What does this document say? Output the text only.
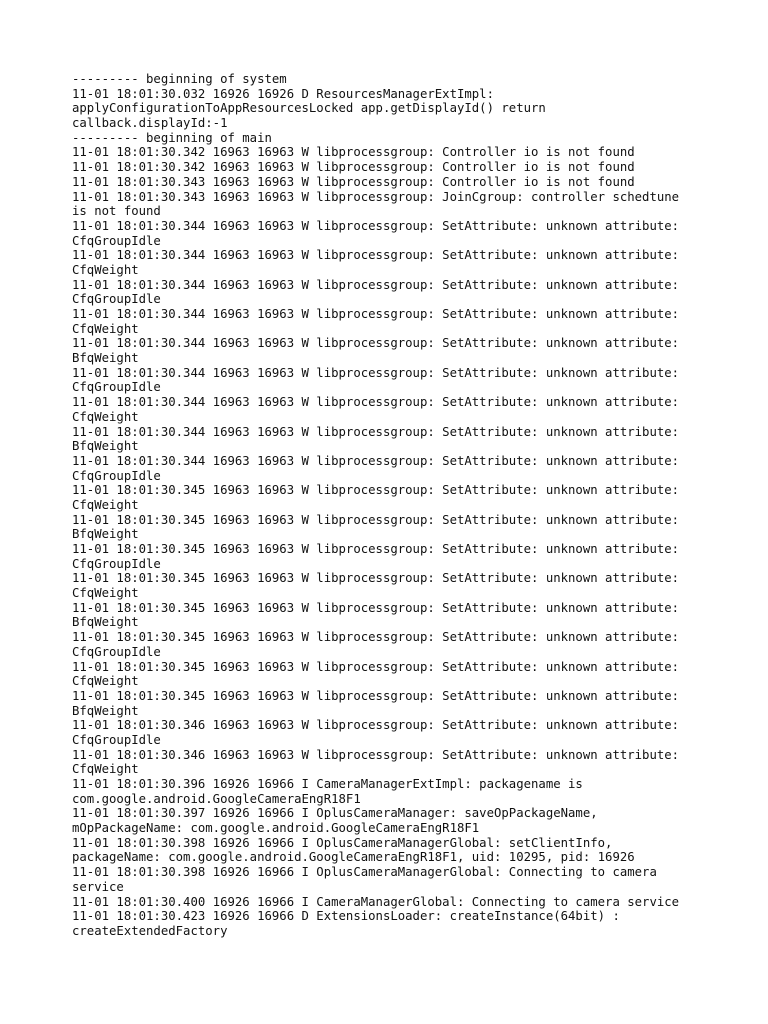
--------- beginning of system
11-01 18:01:30.032 16926 16926 D ResourcesManagerExtImpl:
applyConfigurationToAppResourcesLocked app.getDisplayId() return
callback.displayId:-1
--------- beginning of main
11-01 18:01:30.342 16963 16963 W libprocessgroup: Controller io is not found
11-01 18:01:30.342 16963 16963 W libprocessgroup: Controller io is not found
11-01 18:01:30.343 16963 16963 W libprocessgroup: Controller io is not found
11-01 18:01:30.343 16963 16963 W libprocessgroup: JoinCgroup: controller schedtune
is not found
11-01 18:01:30.344 16963 16963 W libprocessgroup: SetAttribute: unknown attribute:
CfqGroupIdle
11-01 18:01:30.344 16963 16963 W libprocessgroup: SetAttribute: unknown attribute:
CfqWeight
11-01 18:01:30.344 16963 16963 W libprocessgroup: SetAttribute: unknown attribute:
CfqGroupIdle
11-01 18:01:30.344 16963 16963 W libprocessgroup: SetAttribute: unknown attribute:
CfqWeight
11-01 18:01:30.344 16963 16963 W libprocessgroup: SetAttribute: unknown attribute:
BfqWeight
11-01 18:01:30.344 16963 16963 W libprocessgroup: SetAttribute: unknown attribute:
CfqGroupIdle
11-01 18:01:30.344 16963 16963 W libprocessgroup: SetAttribute: unknown attribute:
CfqWeight
11-01 18:01:30.344 16963 16963 W libprocessgroup: SetAttribute: unknown attribute:
BfqWeight
11-01 18:01:30.344 16963 16963 W libprocessgroup: SetAttribute: unknown attribute:
CfqGroupIdle
11-01 18:01:30.345 16963 16963 W libprocessgroup: SetAttribute: unknown attribute:
CfqWeight
11-01 18:01:30.345 16963 16963 W libprocessgroup: SetAttribute: unknown attribute:
BfqWeight
11-01 18:01:30.345 16963 16963 W libprocessgroup: SetAttribute: unknown attribute:
CfqGroupIdle
11-01 18:01:30.345 16963 16963 W libprocessgroup: SetAttribute: unknown attribute:
CfqWeight
11-01 18:01:30.345 16963 16963 W libprocessgroup: SetAttribute: unknown attribute:
BfqWeight
11-01 18:01:30.345 16963 16963 W libprocessgroup: SetAttribute: unknown attribute:
CfqGroupIdle
11-01 18:01:30.345 16963 16963 W libprocessgroup: SetAttribute: unknown attribute:
CfqWeight
11-01 18:01:30.345 16963 16963 W libprocessgroup: SetAttribute: unknown attribute:
BfqWeight
11-01 18:01:30.346 16963 16963 W libprocessgroup: SetAttribute: unknown attribute:
CfqGroupIdle
11-01 18:01:30.346 16963 16963 W libprocessgroup: SetAttribute: unknown attribute:
CfqWeight
11-01 18:01:30.396 16926 16966 I CameraManagerExtImpl: packagename is
com.google.android.GoogleCameraEngR18F1
11-01 18:01:30.397 16926 16966 I OplusCameraManager: saveOpPackageName,
mOpPackageName: com.google.android.GoogleCameraEngR18F1
11-01 18:01:30.398 16926 16966 I OplusCameraManagerGlobal: setClientInfo,
packageName: com.google.android.GoogleCameraEngR18F1, uid: 10295, pid: 16926
11-01 18:01:30.398 16926 16966 I OplusCameraManagerGlobal: Connecting to camera
service
11-01 18:01:30.400 16926 16966 I CameraManagerGlobal: Connecting to camera service
11-01 18:01:30.423 16926 16966 D ExtensionsLoader: createInstance(64bit) :
createExtendedFactory
